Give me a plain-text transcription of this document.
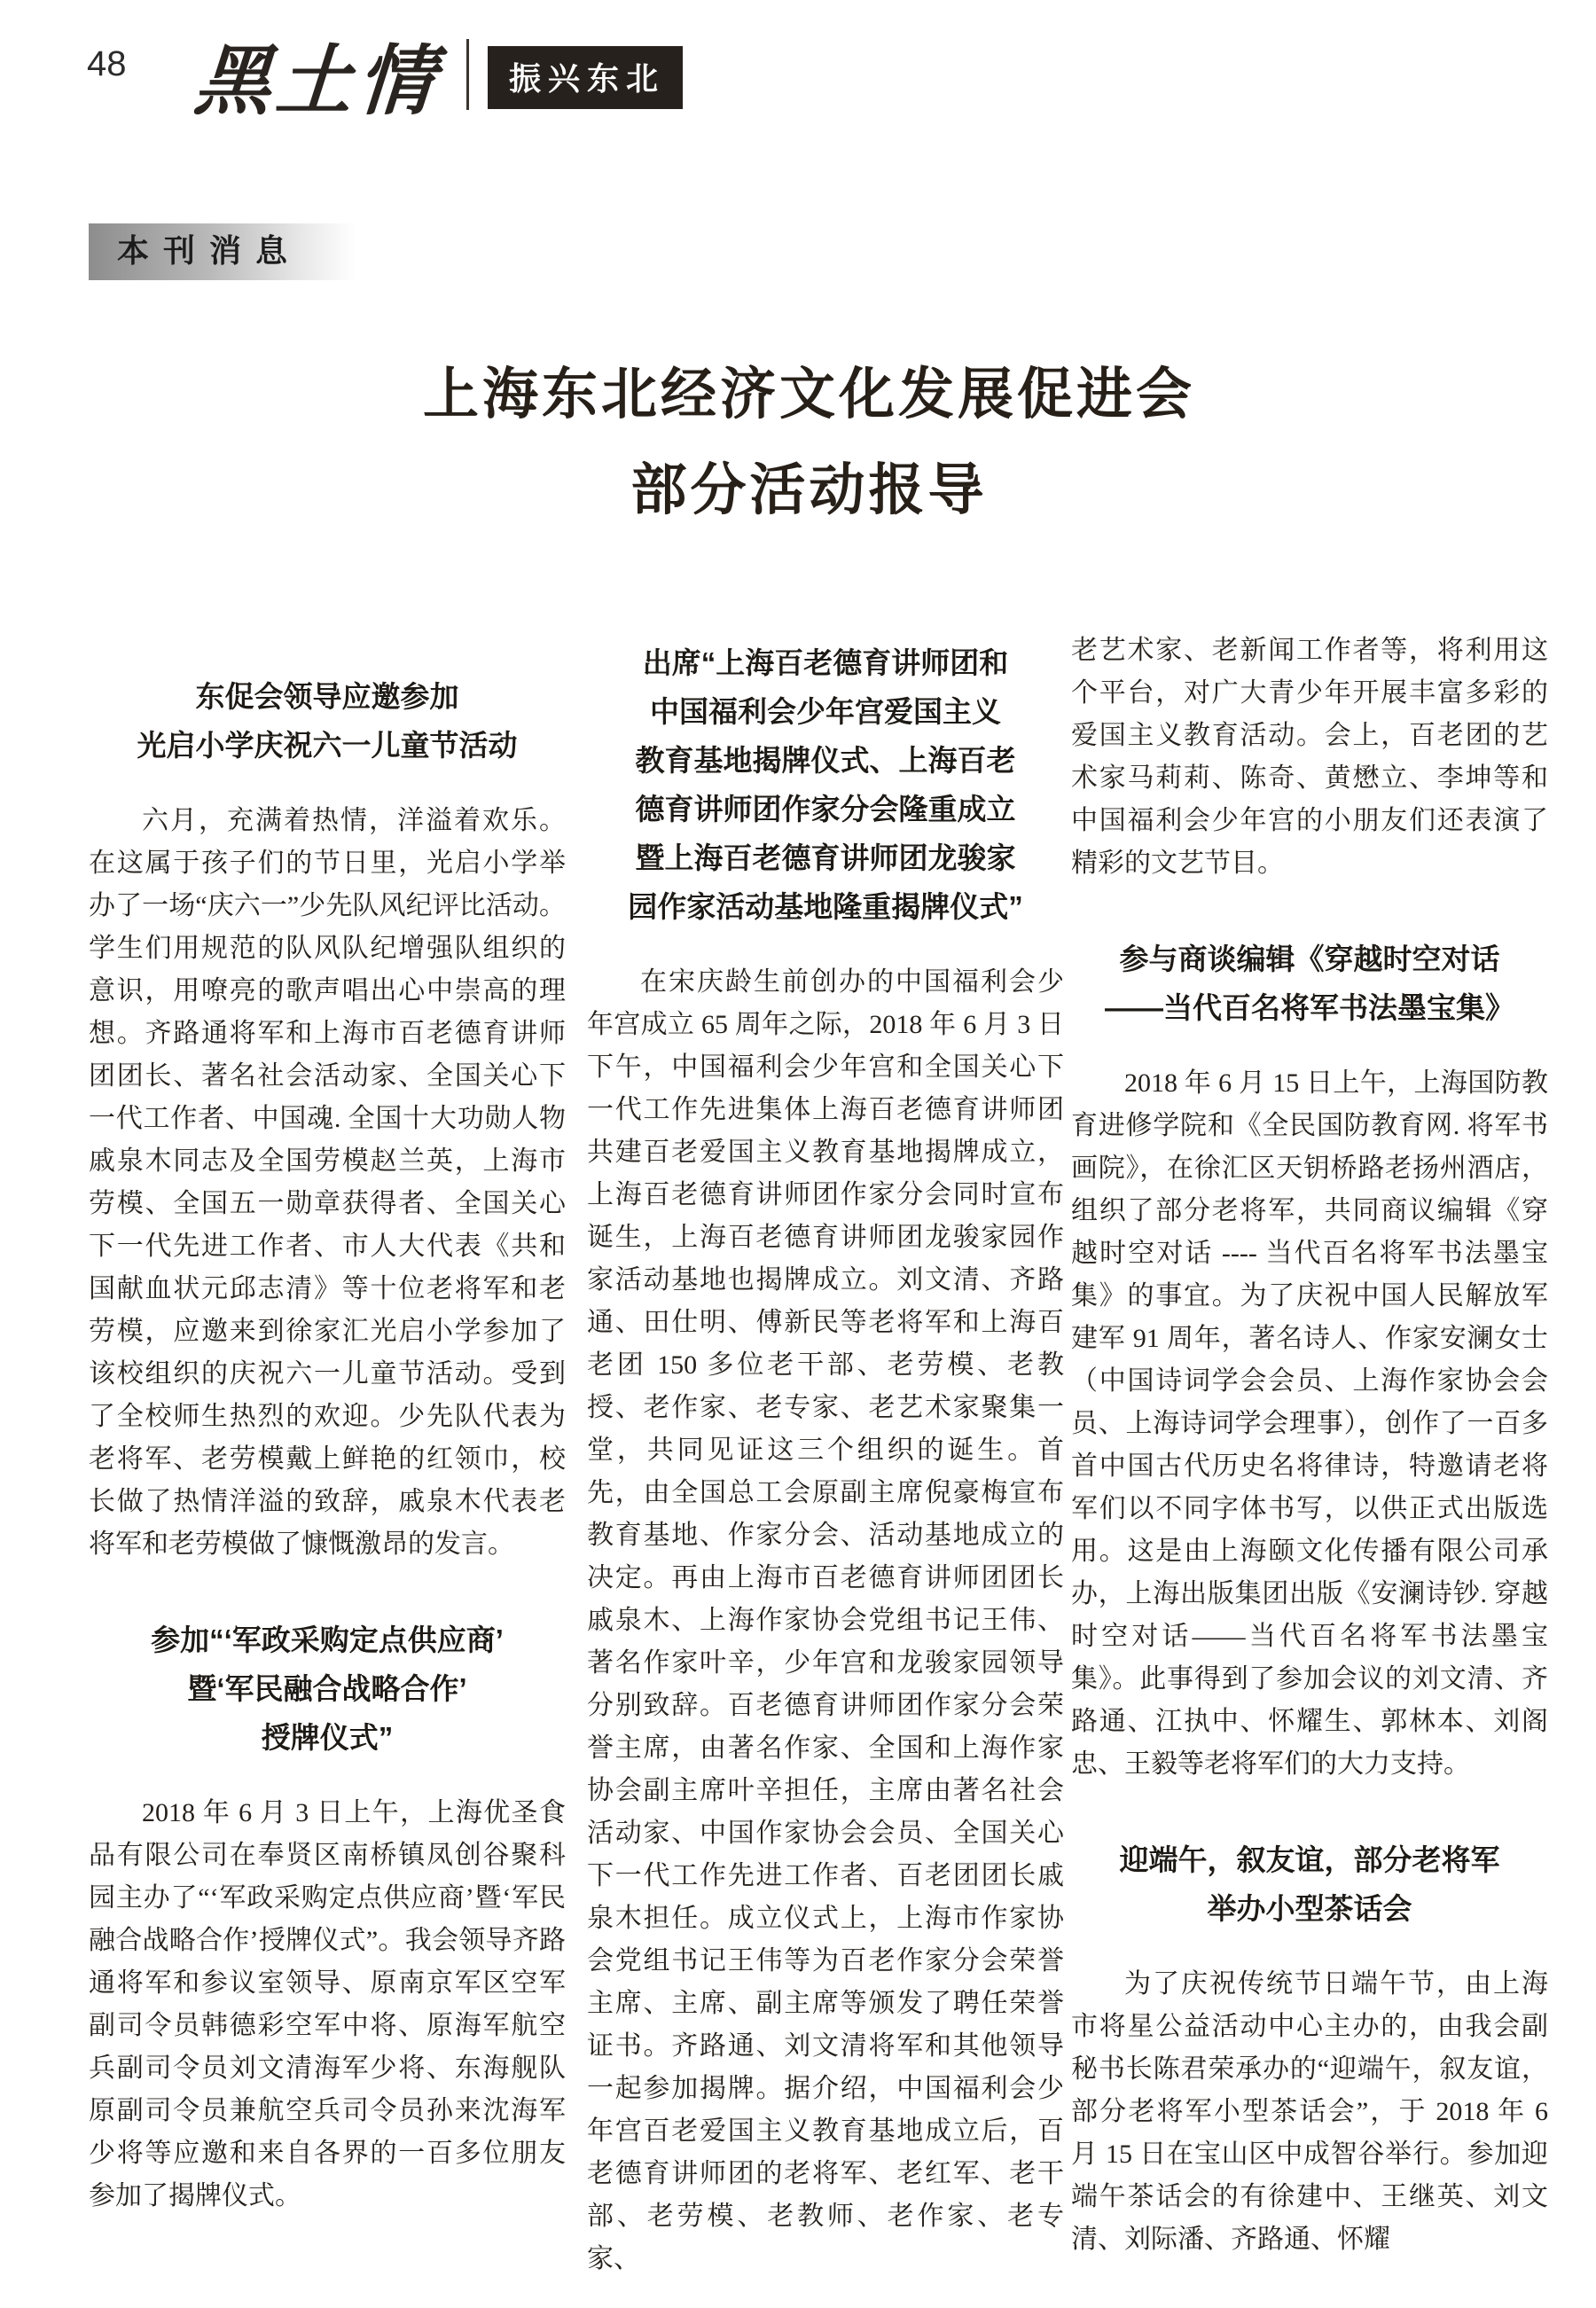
48 黑土情	振兴东北
本刊消息
上海东北经济文化发展促进会
部分活动报导
东促会领导应邀参加
光启小学庆祝六一儿童节活动

六月，充满着热情，洋溢着欢乐。在这属于孩子们的节日里，光启小学举办了一场“庆六一”少先队风纪评比活动。学生们用规范的队风队纪增强队组织的意识，用嘹亮的歌声唱出心中崇高的理想。齐路通将军和上海市百老德育讲师团团长、著名社会活动家、全国关心下一代工作者、中国魂. 全国十大功勋人物戚泉木同志及全国劳模赵兰英，上海市劳模、全国五一勋章获得者、全国关心下一代先进工作者、市人大代表《共和国献血状元邱志清》等十位老将军和老劳模，应邀来到徐家汇光启小学参加了该校组织的庆祝六一儿童节活动。受到了全校师生热烈的欢迎。少先队代表为老将军、老劳模戴上鲜艳的红领巾，校长做了热情洋溢的致辞，戚泉木代表老将军和老劳模做了慷慨激昂的发言。

参加“‘军政采购定点供应商’
暨‘军民融合战略合作’
授牌仪式”

2018 年 6 月 3 日上午，上海优圣食品有限公司在奉贤区南桥镇凤创谷聚科园主办了“‘军政采购定点供应商’暨‘军民融合战略合作’授牌仪式”。我会领导齐路通将军和参议室领导、原南京军区空军副司令员韩德彩空军中将、原海军航空兵副司令员刘文清海军少将、东海舰队原副司令员兼航空兵司令员孙来沈海军少将等应邀和来自各界的一百多位朋友参加了揭牌仪式。

出席“上海百老德育讲师团和
中国福利会少年宫爱国主义
教育基地揭牌仪式、上海百老
德育讲师团作家分会隆重成立
暨上海百老德育讲师团龙骏家
园作家活动基地隆重揭牌仪式”

在宋庆龄生前创办的中国福利会少年宫成立 65 周年之际，2018 年 6 月 3 日下午，中国福利会少年宫和全国关心下一代工作先进集体上海百老德育讲师团共建百老爱国主义教育基地揭牌成立，上海百老德育讲师团作家分会同时宣布诞生，上海百老德育讲师团龙骏家园作家活动基地也揭牌成立。刘文清、齐路通、田仕明、傅新民等老将军和上海百老团 150 多位老干部、老劳模、老教授、老作家、老专家、老艺术家聚集一堂，共同见证这三个组织的诞生。首先，由全国总工会原副主席倪豪梅宣布教育基地、作家分会、活动基地成立的决定。再由上海市百老德育讲师团团长戚泉木、上海作家协会党组书记王伟、著名作家叶辛，少年宫和龙骏家园领导分别致辞。百老德育讲师团作家分会荣誉主席，由著名作家、全国和上海作家协会副主席叶辛担任，主席由著名社会活动家、中国作家协会会员、全国关心下一代工作先进工作者、百老团团长戚泉木担任。成立仪式上，上海市作家协会党组书记王伟等为百老作家分会荣誉主席、主席、副主席等颁发了聘任荣誉证书。齐路通、刘文清将军和其他领导一起参加揭牌。据介绍，中国福利会少年宫百老爱国主义教育基地成立后，百老德育讲师团的老将军、老红军、老干部、老劳模、老教师、老作家、老专家、

老艺术家、老新闻工作者等，将利用这个平台，对广大青少年开展丰富多彩的爱国主义教育活动。会上，百老团的艺术家马莉莉、陈奇、黄懋立、李坤等和中国福利会少年宫的小朋友们还表演了精彩的文艺节目。

参与商谈编辑《穿越时空对话
——当代百名将军书法墨宝集》

2018 年 6 月 15 日上午，上海国防教育进修学院和《全民国防教育网. 将军书画院》，在徐汇区天钥桥路老扬州酒店，组织了部分老将军，共同商议编辑《穿越时空对话 ---- 当代百名将军书法墨宝集》的事宜。为了庆祝中国人民解放军建军 91 周年，著名诗人、作家安澜女士（中国诗词学会会员、上海作家协会会员、上海诗词学会理事），创作了一百多首中国古代历史名将律诗，特邀请老将军们以不同字体书写，以供正式出版选用。这是由上海颐文化传播有限公司承办，上海出版集团出版《安澜诗钞. 穿越时空对话——当代百名将军书法墨宝集》。此事得到了参加会议的刘文清、齐路通、江执中、怀耀生、郭林本、刘阁忠、王毅等老将军们的大力支持。

迎端午，叙友谊，部分老将军
举办小型茶话会

为了庆祝传统节日端午节，由上海市将星公益活动中心主办的，由我会副秘书长陈君荣承办的“迎端午，叙友谊，部分老将军小型茶话会”，于 2018 年 6 月 15 日在宝山区中成智谷举行。参加迎端午茶话会的有徐建中、王继英、刘文清、刘际潘、齐路通、怀耀
